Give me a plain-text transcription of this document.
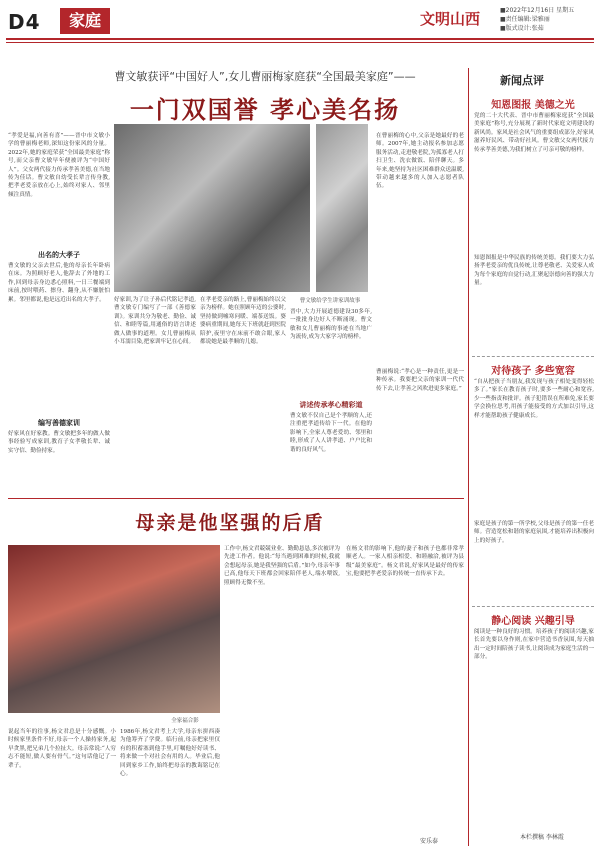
D4	家庭	文明山西	■2022年12月16日 星期五
■责任编辑:梁雅丽
■版式设计:张茹
曹文敏获评“中国好人”,女儿曹丽梅家庭获“全国最美家庭”——
一门双国誉 孝心美名扬
“孝爱是福,向善有喜”——晋中市文敏小学的曹丽梅老师,深知这份家风的分量。2022年,她的家庭荣获“全国最美家庭”称号,而父亲曹文敏早年便被评为“中国好人”。父女两代接力传承孝善美德,在当地传为佳话。曹文敏自幼受长辈言传身教,把孝老爱亲放在心上,始终对家人、邻里倾注真情。
出名的大孝子
曹文敏的父亲去世后,他的母亲长年卧病在床。为照顾好老人,他辞去了外地的工作,回到母亲身边悉心照料,一日三餐端到床前,按时喂药、擦身、翻身,从不嫌脏怕累。邻里都说,他是远近出名的大孝子。
编写善德家训
好家风在好家教。曹文敏把多年的做人做事经验写成家训,教育子女孝敬长辈、诚实守信、勤俭持家。
好家训,为了让子孙后代铭记孝道,曹文敏专门编写了一部《善德家训》。家训共分为敬老、勤俭、诚信、和睦等篇,用通俗的语言讲述做人做事的道理。女儿曹丽梅从小耳濡目染,把家训牢记在心间。
在孝老爱亲的路上,曹丽梅始终以父亲为榜样。她在照顾年迈的公婆时,坚持做到嘘寒问暖、端茶送饭。婆婆病重期间,她每天下班就赶到医院陪护,夜里守在床前不敢合眼,家人都说她是最孝顺的儿媳。
曹文敏给学生讲家训故事
晋中,大力开展道德建设30多年,一批批身边好人不断涌现。曹文敏和女儿曹丽梅的事迹在当地广为流传,成为大家学习的榜样。
讲述传承孝心精彩道
曹文敏不仅自己是个孝顺的人,还注重把孝道传给下一代。在他的影响下,全家人尊老爱幼、邻里和睦,形成了人人讲孝道、户户比和谐的良好风气。
在曹丽梅的心中,父亲是她最好的老师。2007年,她主动报名参加志愿服务活动,走进敬老院,为孤寡老人打扫卫生、洗衣做饭、陪伴聊天。多年来,她坚持为社区困难群众送温暖,带动越来越多的人加入志愿者队伍。
曹丽梅说:“孝心是一种责任,更是一种传承。我要把父亲的家训一代代传下去,让孝善之风吹进更多家庭。”
母亲是他坚强的后盾
全家福合影
工作中,杨文君兢兢业业、勤勤恳恳,多次被评为先进工作者。他说:“每当遇到困难的时候,我就会想起母亲,她是我坚强的后盾。”如今,母亲年事已高,他每天下班都会回家陪伴老人,端水喂饭,照顾得无微不至。
在杨文君的影响下,他的妻子和孩子也都非常孝顺老人。一家人相亲相爱、和睦融洽,被评为县级“最美家庭”。杨文君说,好家风是最好的传家宝,他要把孝老爱亲的传统一直传承下去。
说起当年的往事,杨文君总是十分感慨。小时候家里条件不好,母亲一个人操持家务,起早贪黑,把兄弟几个拉扯大。母亲常说:“人穷志不能短,做人要有骨气。”这句话他记了一辈子。
1986年,杨文君考上大学,母亲东拼西凑为他筹齐了学费。临行前,母亲把家里仅有的积蓄塞到他手里,叮嘱他好好读书、将来做一个对社会有用的人。毕业后,他回到家乡工作,始终把母亲的教诲铭记在心。
安乐泰
新闻点评
知恩图报 美德之光
党的二十大代表、晋中市曹丽梅家庭获“全国最美家庭”称号,充分展现了新时代家庭文明建设的新风尚。家风是社会风气的重要组成部分,好家风滋养好民风、带动好社风。曹文敏父女两代接力传承孝善美德,为我们树立了可亲可敬的榜样。
知恩图报是中华民族的传统美德。我们要大力弘扬孝老爱亲的优良传统,让尊老敬老、关爱家人成为每个家庭的自觉行动,汇聚起崇德向善的强大力量。
对待孩子 多些宽容
“自从把孩子当朋友,我发现与孩子相处变得轻松多了。”家长在教育孩子时,要多一些耐心和宽容,少一些指责和批评。孩子犯错误在所难免,家长要学会换位思考,用孩子能接受的方式加以引导,这样才能帮助孩子健康成长。
家庭是孩子的第一所学校,父母是孩子的第一任老师。营造宽松和谐的家庭氛围,才能培养出积极向上的好孩子。
静心阅读 兴趣引导
阅读是一种良好的习惯。培养孩子的阅读兴趣,家长首先要以身作则,在家中营造书香氛围,每天抽出一定时间陪孩子读书,让阅读成为家庭生活的一部分。
本栏撰稿 李林霞
